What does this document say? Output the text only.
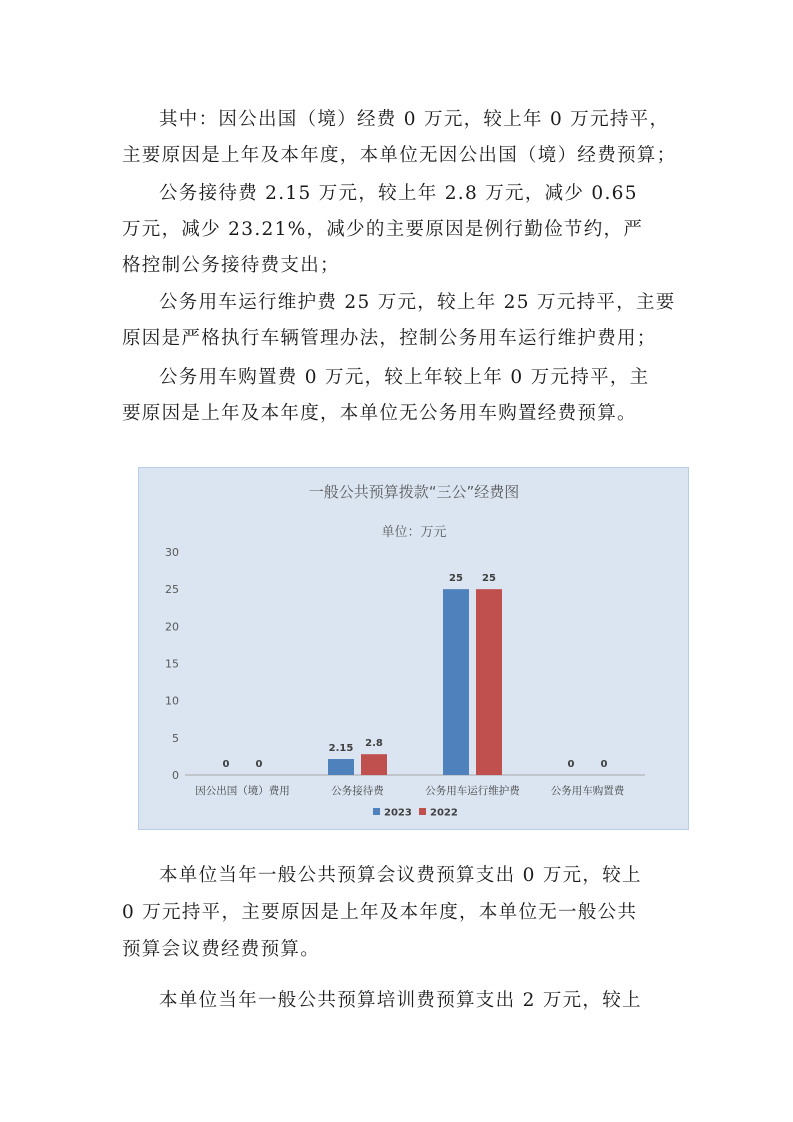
其中：因公出国（境）经费 0 万元，较上年 0 万元持平，
主要原因是上年及本年度，本单位无因公出国（境）经费预算；
公务接待费 2.15 万元，较上年 2.8 万元，减少 0.65
万元，减少 23.21%，减少的主要原因是例行勤俭节约，严
格控制公务接待费支出；
公务用车运行维护费 25 万元，较上年 25 万元持平，主要
原因是严格执行车辆管理办法，控制公务用车运行维护费用；
公务用车购置费 0 万元，较上年较上年 0 万元持平，主
要原因是上年及本年度，本单位无公务用车购置经费预算。
一般公共预算拨款“三公”经费图
单位：万元
0
5
10
15
20
25
30
因公出国（境）费用	公务接待费	公务用车运行维护费	公务用车购置费
0	0
2.15 2.8
25 25
0	0
2023 2022
本单位当年一般公共预算会议费预算支出 0 万元，较上
0 万元持平，主要原因是上年及本年度，本单位无一般公共
预算会议费经费预算。
本单位当年一般公共预算培训费预算支出 2 万元，较上
